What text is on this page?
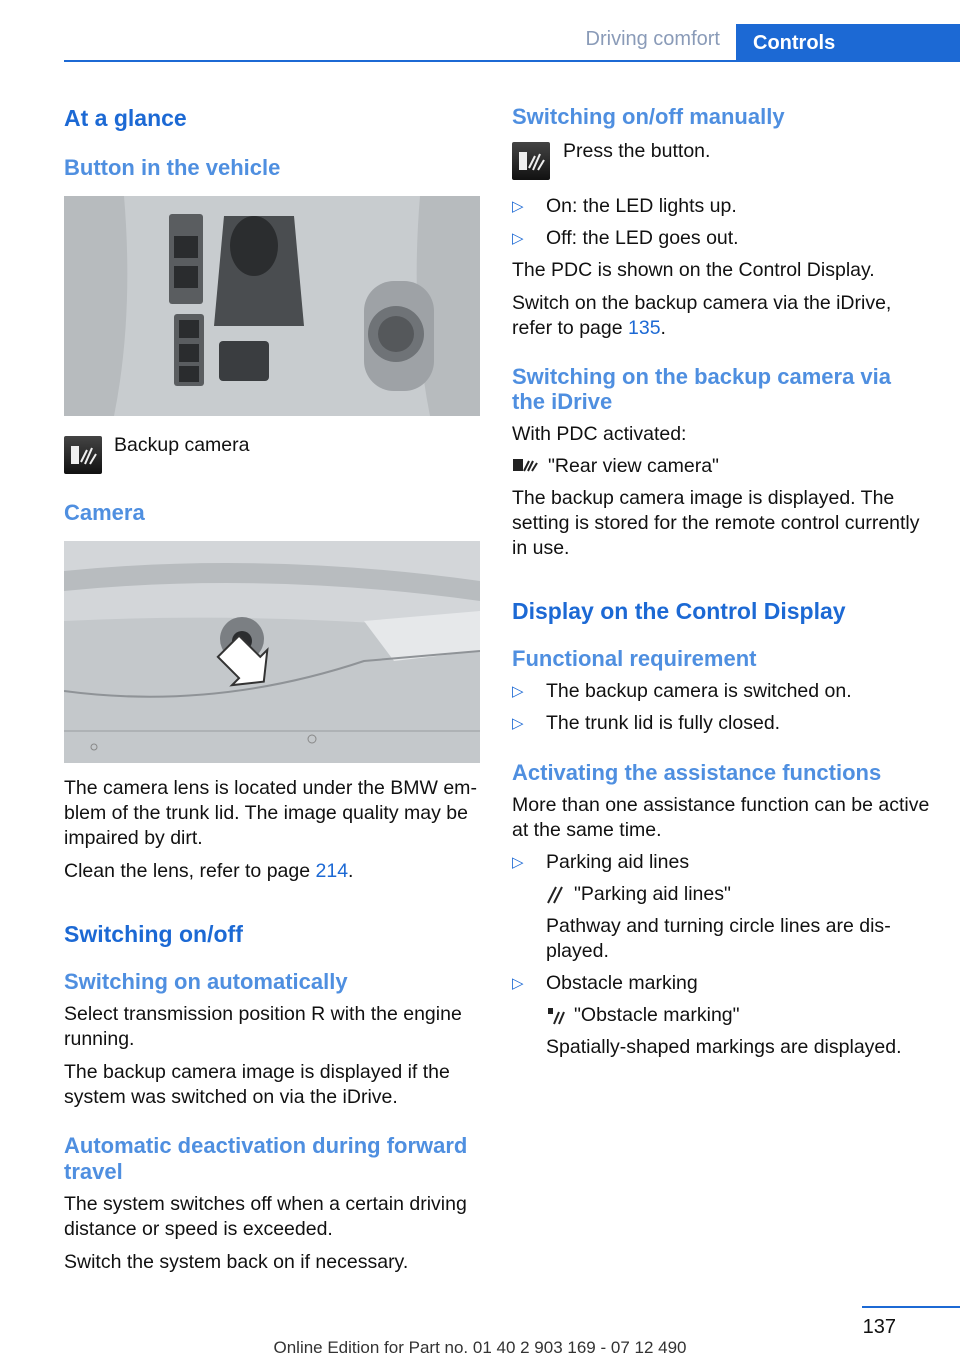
Driving comfort	Controls
At a glance
Button in the vehicle

Backup camera

Camera

The camera lens is located under the BMW emblem of the trunk lid. The image quality may be impaired by dirt.

Clean the lens, refer to page 214.

Switching on/off
Switching on automatically

Select transmission position R with the engine running.

The backup camera image is displayed if the system was switched on via the iDrive.

Automatic deactivation during forward travel

The system switches off when a certain driving distance or speed is exceeded.

Switch the system back on if necessary.

Switching on/off manually

Press the button.

▷ On: the LED lights up.
▷ Off: the LED goes out.

The PDC is shown on the Control Display.

Switch on the backup camera via the iDrive, refer to page 135.

Switching on the backup camera via the iDrive

With PDC activated:

"Rear view camera"

The backup camera image is displayed. The setting is stored for the remote control currently in use.

Display on the Control Display
Functional requirement
▷ The backup camera is switched on.
▷ The trunk lid is fully closed.
Activating the assistance functions

More than one assistance function can be active at the same time.

▷ Parking aid lines

"Parking aid lines"

Pathway and turning circle lines are displayed.

▷ Obstacle marking

"Obstacle marking"

Spatially-shaped markings are displayed.

137
Online Edition for Part no. 01 40 2 903 169 - 07 12 490
